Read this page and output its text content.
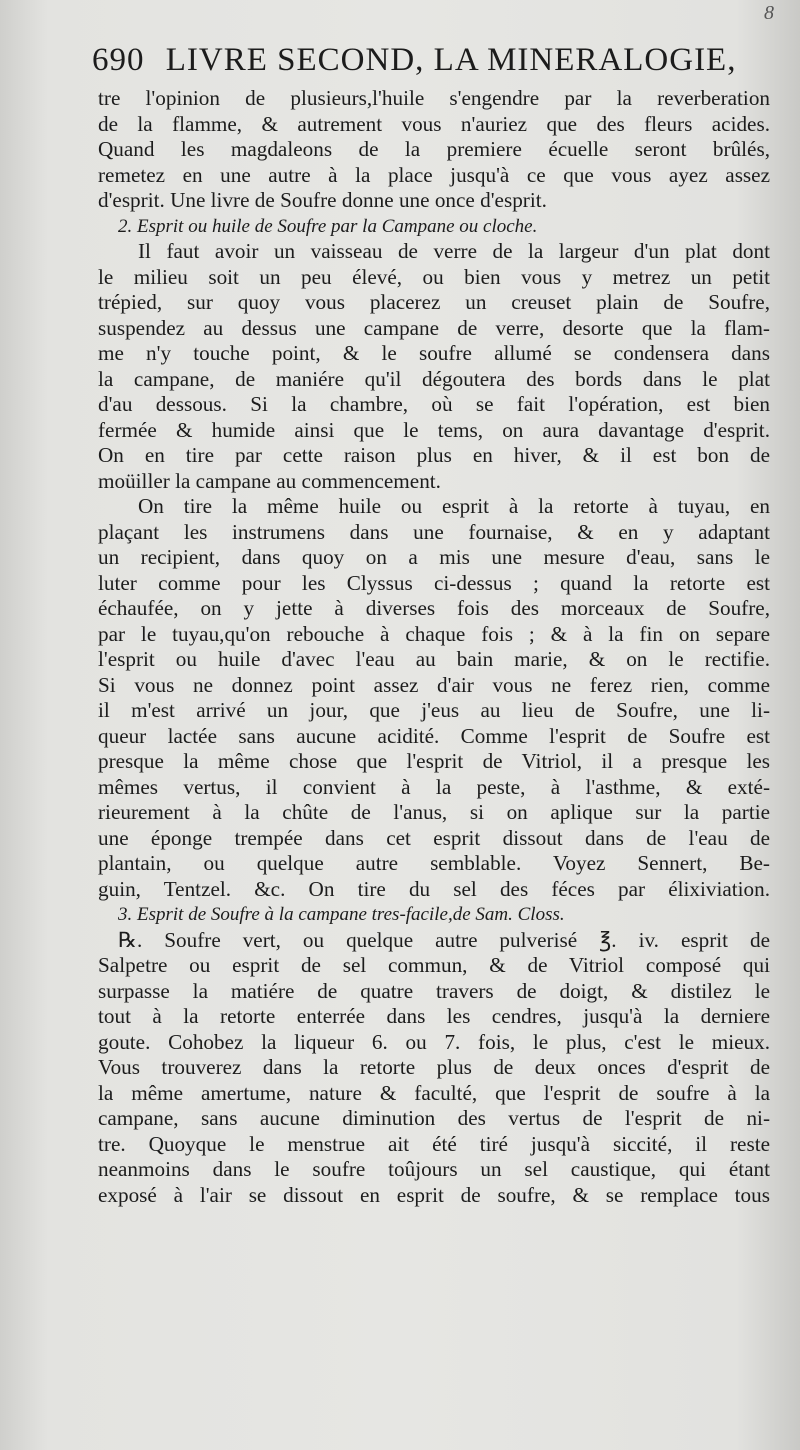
8
690 LIVRE SECOND, LA MINERALOGIE,
tre l'opinion de plusieurs,l'huile s'engendre par la reverberation
de la flamme, & autrement vous n'auriez que des fleurs acides.
Quand les magdaleons de la premiere écuelle seront brûlés,
remetez en une autre à la place jusqu'à ce que vous ayez assez
d'esprit. Une livre de Soufre donne une once d'esprit.
2. Esprit ou huile de Soufre par la Campane ou cloche.
Il faut avoir un vaisseau de verre de la largeur d'un plat dont
le milieu soit un peu élevé, ou bien vous y metrez un petit
trépied, sur quoy vous placerez un creuset plain de Soufre,
suspendez au dessus une campane de verre, desorte que la flam-
me n'y touche point, & le soufre allumé se condensera dans
la campane, de maniére qu'il dégoutera des bords dans le plat
d'au dessous. Si la chambre, où se fait l'opération, est bien
fermée & humide ainsi que le tems, on aura davantage d'esprit.
On en tire par cette raison plus en hiver, & il est bon de
moüiller la campane au commencement.
On tire la même huile ou esprit à la retorte à tuyau, en
plaçant les instrumens dans une fournaise, & en y adaptant
un recipient, dans quoy on a mis une mesure d'eau, sans le
luter comme pour les Clyssus ci-dessus ; quand la retorte est
échaufée, on y jette à diverses fois des morceaux de Soufre,
par le tuyau,qu'on rebouche à chaque fois ; & à la fin on separe
l'esprit ou huile d'avec l'eau au bain marie, & on le rectifie.
Si vous ne donnez point assez d'air vous ne ferez rien, comme
il m'est arrivé un jour, que j'eus au lieu de Soufre, une li-
queur lactée sans aucune acidité. Comme l'esprit de Soufre est
presque la même chose que l'esprit de Vitriol, il a presque les
mêmes vertus, il convient à la peste, à l'asthme, & exté-
rieurement à la chûte de l'anus, si on aplique sur la partie
une éponge trempée dans cet esprit dissout dans de l'eau de
plantain, ou quelque autre semblable. Voyez Sennert, Be-
guin, Tentzel. &c. On tire du sel des féces par élixiviation.
3. Esprit de Soufre à la campane tres-facile,de Sam. Closs.
℞. Soufre vert, ou quelque autre pulverisé ℥. iv. esprit de
Salpetre ou esprit de sel commun, & de Vitriol composé qui
surpasse la matiére de quatre travers de doigt, & distilez le
tout à la retorte enterrée dans les cendres, jusqu'à la derniere
goute. Cohobez la liqueur 6. ou 7. fois, le plus, c'est le mieux.
Vous trouverez dans la retorte plus de deux onces d'esprit de
la même amertume, nature & faculté, que l'esprit de soufre à la
campane, sans aucune diminution des vertus de l'esprit de ni-
tre. Quoyque le menstrue ait été tiré jusqu'à siccité, il reste
neanmoins dans le soufre toûjours un sel caustique, qui étant
exposé à l'air se dissout en esprit de soufre, & se remplace tous
